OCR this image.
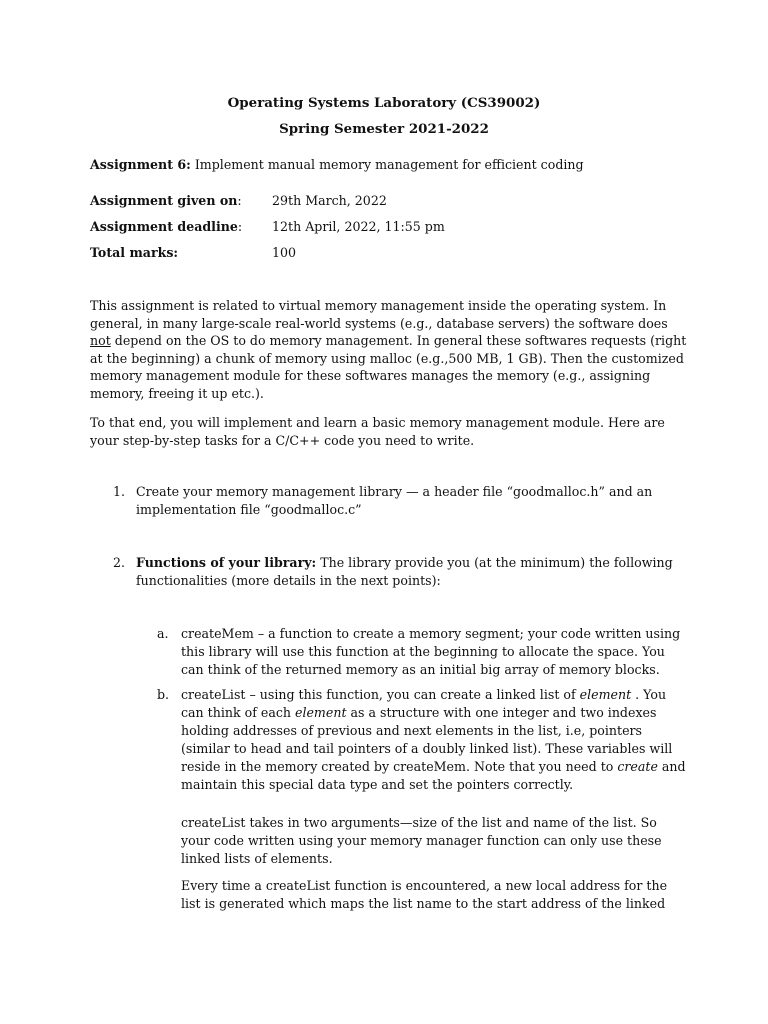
Operating Systems Laboratory (CS39002)
Spring Semester 2021-2022
Assignment 6: Implement manual memory management for efficient coding
Assignment given on: 29th March, 2022
Assignment deadline: 12th April, 2022, 11:55 pm
Total marks:	100
This assignment is related to virtual memory management inside the operating system. In general, in many large-scale real-world systems (e.g., database servers) the software does not depend on the OS to do memory management. In general these softwares requests (right at the beginning) a chunk of memory using malloc (e.g.,500 MB, 1 GB). Then the customized memory management module for these softwares manages the memory (e.g., assigning memory, freeing it up etc.).
To that end, you will implement and learn a basic memory management module. Here are your step-by-step tasks for a C/C++ code you need to write.
1. Create your memory management library — a header file “goodmalloc.h” and an implementation file “goodmalloc.c”
2. Functions of your library: The library provide you (at the minimum) the following functionalities (more details in the next points):
a. createMem – a function to create a memory segment; your code written using this library will use this function at the beginning to allocate the space. You can think of the returned memory as an initial big array of memory blocks.
b. createList – using this function, you can create a linked list of element . You can think of each element as a structure with one integer and two indexes holding addresses of previous and next elements in the list, i.e, pointers (similar to head and tail pointers of a doubly linked list). These variables will reside in the memory created by createMem. Note that you need to create and maintain this special data type and set the pointers correctly.
createList takes in two arguments—size of the list and name of the list. So your code written using your memory manager function can only use these linked lists of elements.
Every time a createList function is encountered, a new local address for the list is generated which maps the list name to the start address of the linked
